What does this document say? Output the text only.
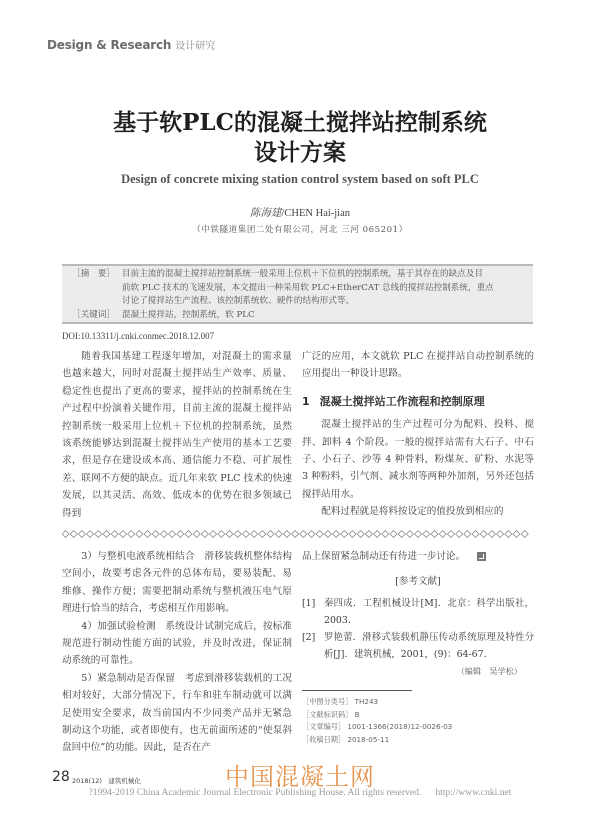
Design & Research 设计研究
基于软PLC的混凝土搅拌站控制系统
设计方案
Design of concrete mixing station control system based on soft PLC
陈海建/CHEN Hai-jian
（中铁隧道集团二处有限公司，河北 三河 065201）
［摘　要］ 目前主流的混凝土搅拌站控制系统一般采用上位机＋下位机的控制系统，基于其存在的缺点及目
前软 PLC 技术的飞速发展，本文提出一种采用软 PLC+EtherCAT 总线的搅拌站控制系统，重点
讨论了搅拌站生产流程、该控制系统软、硬件的结构形式等。
［关键词］ 混凝土搅拌站，控制系统，软 PLC
DOI:10.13311/j.cnki.conmec.2018.12.007

随着我国基建工程逐年增加，对混凝土的需求量也越来越大，同时对混凝土搅拌站生产效率、质量、稳定性也提出了更高的要求，搅拌站的控制系统在生产过程中扮演着关键作用，目前主流的混凝土搅拌站控制系统一般采用上位机＋下位机的控制系统，虽然该系统能够达到混凝土搅拌站生产使用的基本工艺要求，但是存在建设成本高、通信能力不稳、可扩展性差、联网不方便的缺点。近几年来软 PLC 技术的快速发展，以其灵活、高效、低成本的优势在很多领域已得到

广泛的应用，本文就软 PLC 在搅拌站自动控制系统的应用提出一种设计思路。

1 混凝土搅拌站工作流程和控制原理

混凝土搅拌站的生产过程可分为配料、投料、搅拌、卸料 4 个阶段。一般的搅拌站需有大石子、中石子、小石子、沙等 4 种骨料，粉煤灰、矿粉、水泥等 3 种粉料，引气剂、减水剂等两种外加剂，另外还包括搅拌站用水。

配料过程就是将料按设定的值投放到相应的

3）与整机电液系统相结合　滑移装载机整体结构空间小，故要考虑各元件的总体布局，要易装配、易维修、操作方便；需要把制动系统与整机液压电气原理进行恰当的结合，考虑相互作用影响。

4）加强试验检测　系统设计试制完成后，按标准规范进行制动性能方面的试验，并及时改进，保证制动系统的可靠性。

5）紧急制动是否保留　考虑到滑移装载机的工况相对较好，大部分情况下，行车和驻车制动就可以满足使用安全要求，故当前国内不少同类产品并无紧急制动这个功能，或者即使有，也无前面所述的“使泵斜盘回中位”的功能。因此，是否在产

品上保留紧急制动还有待进一步讨论。

[参考文献]
[1] 秦四成．工程机械设计[M]．北京：科学出版社，2003．
[2] 罗艳蕾．滑移式装载机静压传动系统原理及特性分析[J]．建筑机械，2001，(9)：64-67．
（编辑　吴学松）
［中图分类号］ TH243
［文献标识码］ B
［文章编号］ 1001-1366(2018)12-0026-03
［收稿日期］ 2018-05-11
28 2018(12)　建筑机械化	中国混凝土网
?1994-2019 China Academic Journal Electronic Publishing House. All rights reserved. http://www.cnki.net
